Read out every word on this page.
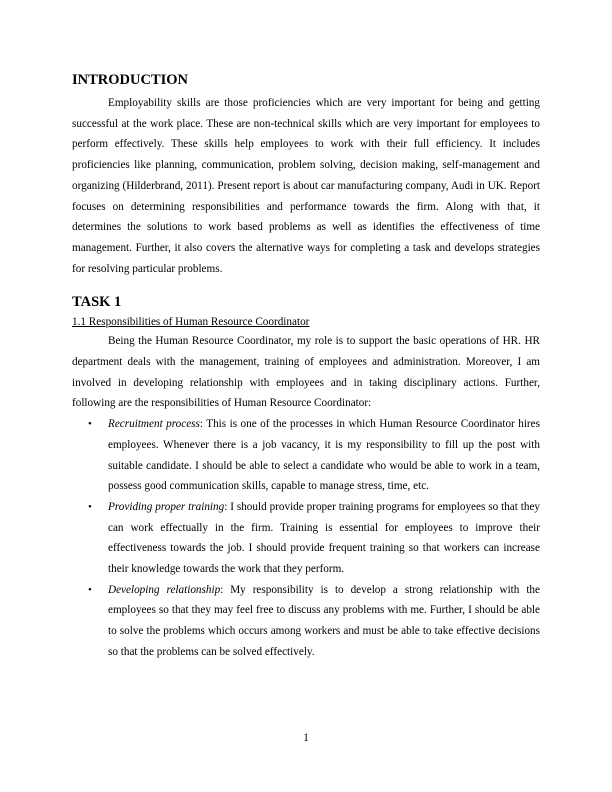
INTRODUCTION

Employability skills are those proficiencies which are very important for being and getting successful at the work place. These are non-technical skills which are very important for employees to perform effectively. These skills help employees to work with their full efficiency. It includes proficiencies like planning, communication, problem solving, decision making, self-management and organizing (Hilderbrand, 2011). Present report is about car manufacturing company, Audi in UK. Report focuses on determining responsibilities and performance towards the firm. Along with that, it determines the solutions to work based problems as well as identifies the effectiveness of time management. Further, it also covers the alternative ways for completing a task and develops strategies for resolving particular problems.

TASK 1

1.1 Responsibilities of Human Resource Coordinator

Being the Human Resource Coordinator, my role is to support the basic operations of HR. HR department deals with the management, training of employees and administration. Moreover, I am involved in developing relationship with employees and in taking disciplinary actions. Further, following are the responsibilities of Human Resource Coordinator:

• Recruitment process: This is one of the processes in which Human Resource Coordinator hires employees. Whenever there is a job vacancy, it is my responsibility to fill up the post with suitable candidate. I should be able to select a candidate who would be able to work in a team, possess good communication skills, capable to manage stress, time, etc.
• Providing proper training: I should provide proper training programs for employees so that they can work effectually in the firm. Training is essential for employees to improve their effectiveness towards the job. I should provide frequent training so that workers can increase their knowledge towards the work that they perform.
• Developing relationship: My responsibility is to develop a strong relationship with the employees so that they may feel free to discuss any problems with me. Further, I should be able to solve the problems which occurs among workers and must be able to take effective decisions so that the problems can be solved effectively.
1
